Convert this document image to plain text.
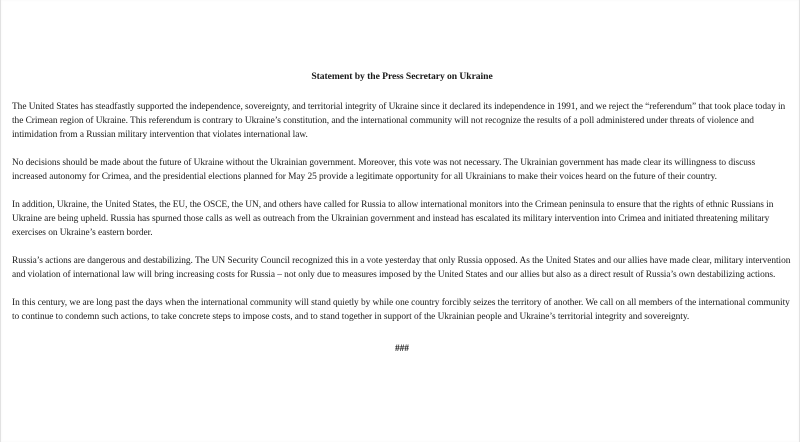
Statement by the Press Secretary on Ukraine

The United States has steadfastly supported the independence, sovereignty, and territorial integrity of Ukraine since it declared its independence in 1991, and we reject the “referendum” that took place today in the Crimean region of Ukraine. This referendum is contrary to Ukraine’s constitution, and the international community will not recognize the results of a poll administered under threats of violence and intimidation from a Russian military intervention that violates international law.

No decisions should be made about the future of Ukraine without the Ukrainian government. Moreover, this vote was not necessary. The Ukrainian government has made clear its willingness to discuss increased autonomy for Crimea, and the presidential elections planned for May 25 provide a legitimate opportunity for all Ukrainians to make their voices heard on the future of their country.

In addition, Ukraine, the United States, the EU, the OSCE, the UN, and others have called for Russia to allow international monitors into the Crimean peninsula to ensure that the rights of ethnic Russians in Ukraine are being upheld. Russia has spurned those calls as well as outreach from the Ukrainian government and instead has escalated its military intervention into Crimea and initiated threatening military exercises on Ukraine’s eastern border.

Russia’s actions are dangerous and destabilizing. The UN Security Council recognized this in a vote yesterday that only Russia opposed. As the United States and our allies have made clear, military intervention and violation of international law will bring increasing costs for Russia – not only due to measures imposed by the United States and our allies but also as a direct result of Russia’s own destabilizing actions.

In this century, we are long past the days when the international community will stand quietly by while one country forcibly seizes the territory of another. We call on all members of the international community to continue to condemn such actions, to take concrete steps to impose costs, and to stand together in support of the Ukrainian people and Ukraine’s territorial integrity and sovereignty.

###
